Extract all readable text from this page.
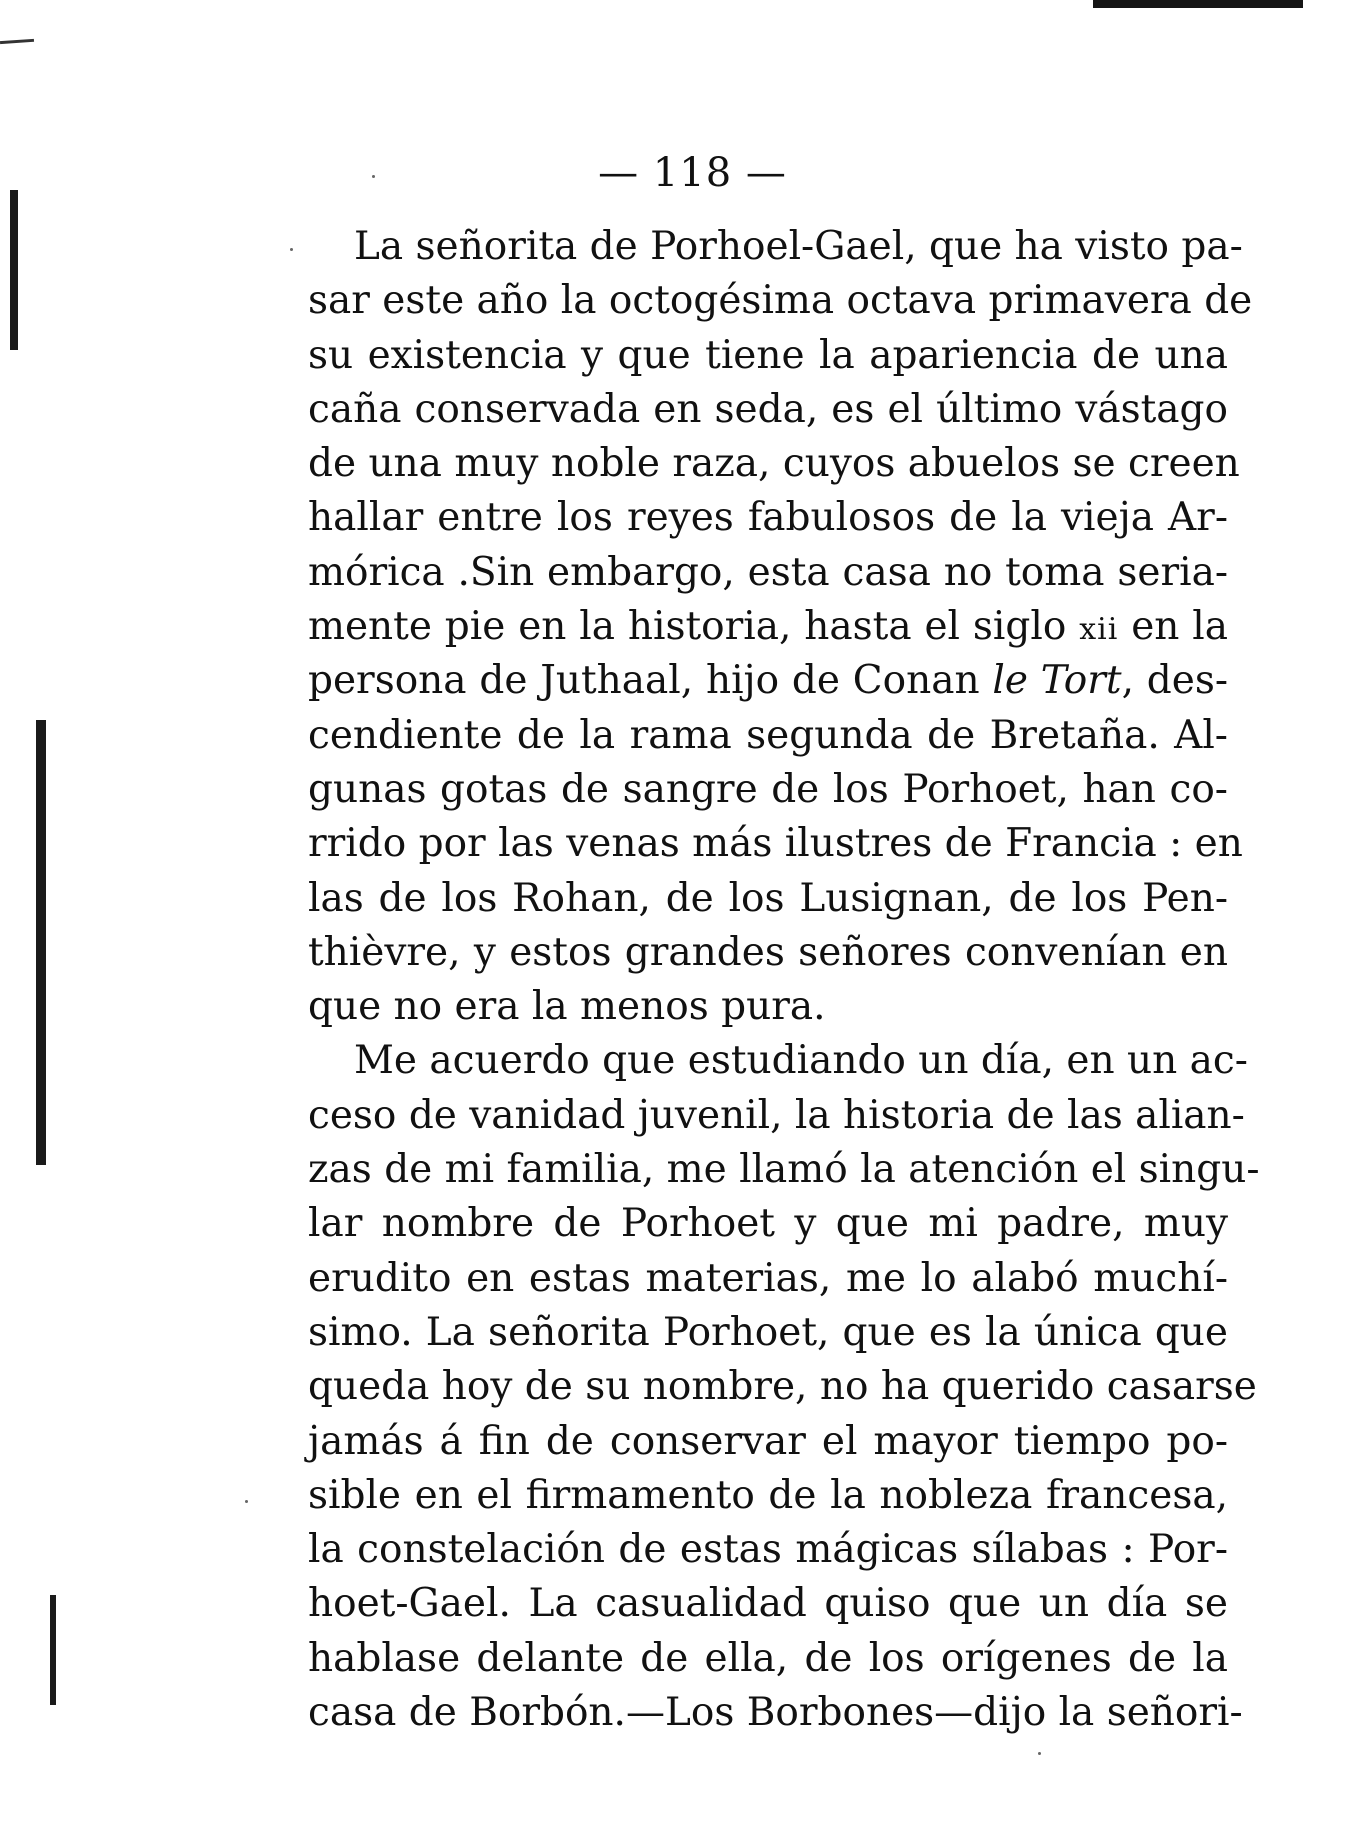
— 118 —
La señorita de Porhoel-Gael, que ha visto pa-
sar este año la octogésima octava primavera de
su existencia y que tiene la apariencia de una
caña conservada en seda, es el último vástago
de una muy noble raza, cuyos abuelos se creen
hallar entre los reyes fabulosos de la vieja Ar-
mórica .Sin embargo, esta casa no toma seria-
mente pie en la historia, hasta el siglo xii en la
persona de Juthaal, hijo de Conan le Tort, des-
cendiente de la rama segunda de Bretaña. Al-
gunas gotas de sangre de los Porhoet, han co-
rrido por las venas más ilustres de Francia : en
las de los Rohan, de los Lusignan, de los Pen-
thièvre, y estos grandes señores convenían en
que no era la menos pura.
Me acuerdo que estudiando un día, en un ac-
ceso de vanidad juvenil, la historia de las alian-
zas de mi familia, me llamó la atención el singu-
lar nombre de Porhoet y que mi padre, muy
erudito en estas materias, me lo alabó muchí-
simo. La señorita Porhoet, que es la única que
queda hoy de su nombre, no ha querido casarse
jamás á fin de conservar el mayor tiempo po-
sible en el firmamento de la nobleza francesa,
la constelación de estas mágicas sílabas : Por-
hoet-Gael. La casualidad quiso que un día se
hablase delante de ella, de los orígenes de la
casa de Borbón.—Los Borbones—dijo la señori-
